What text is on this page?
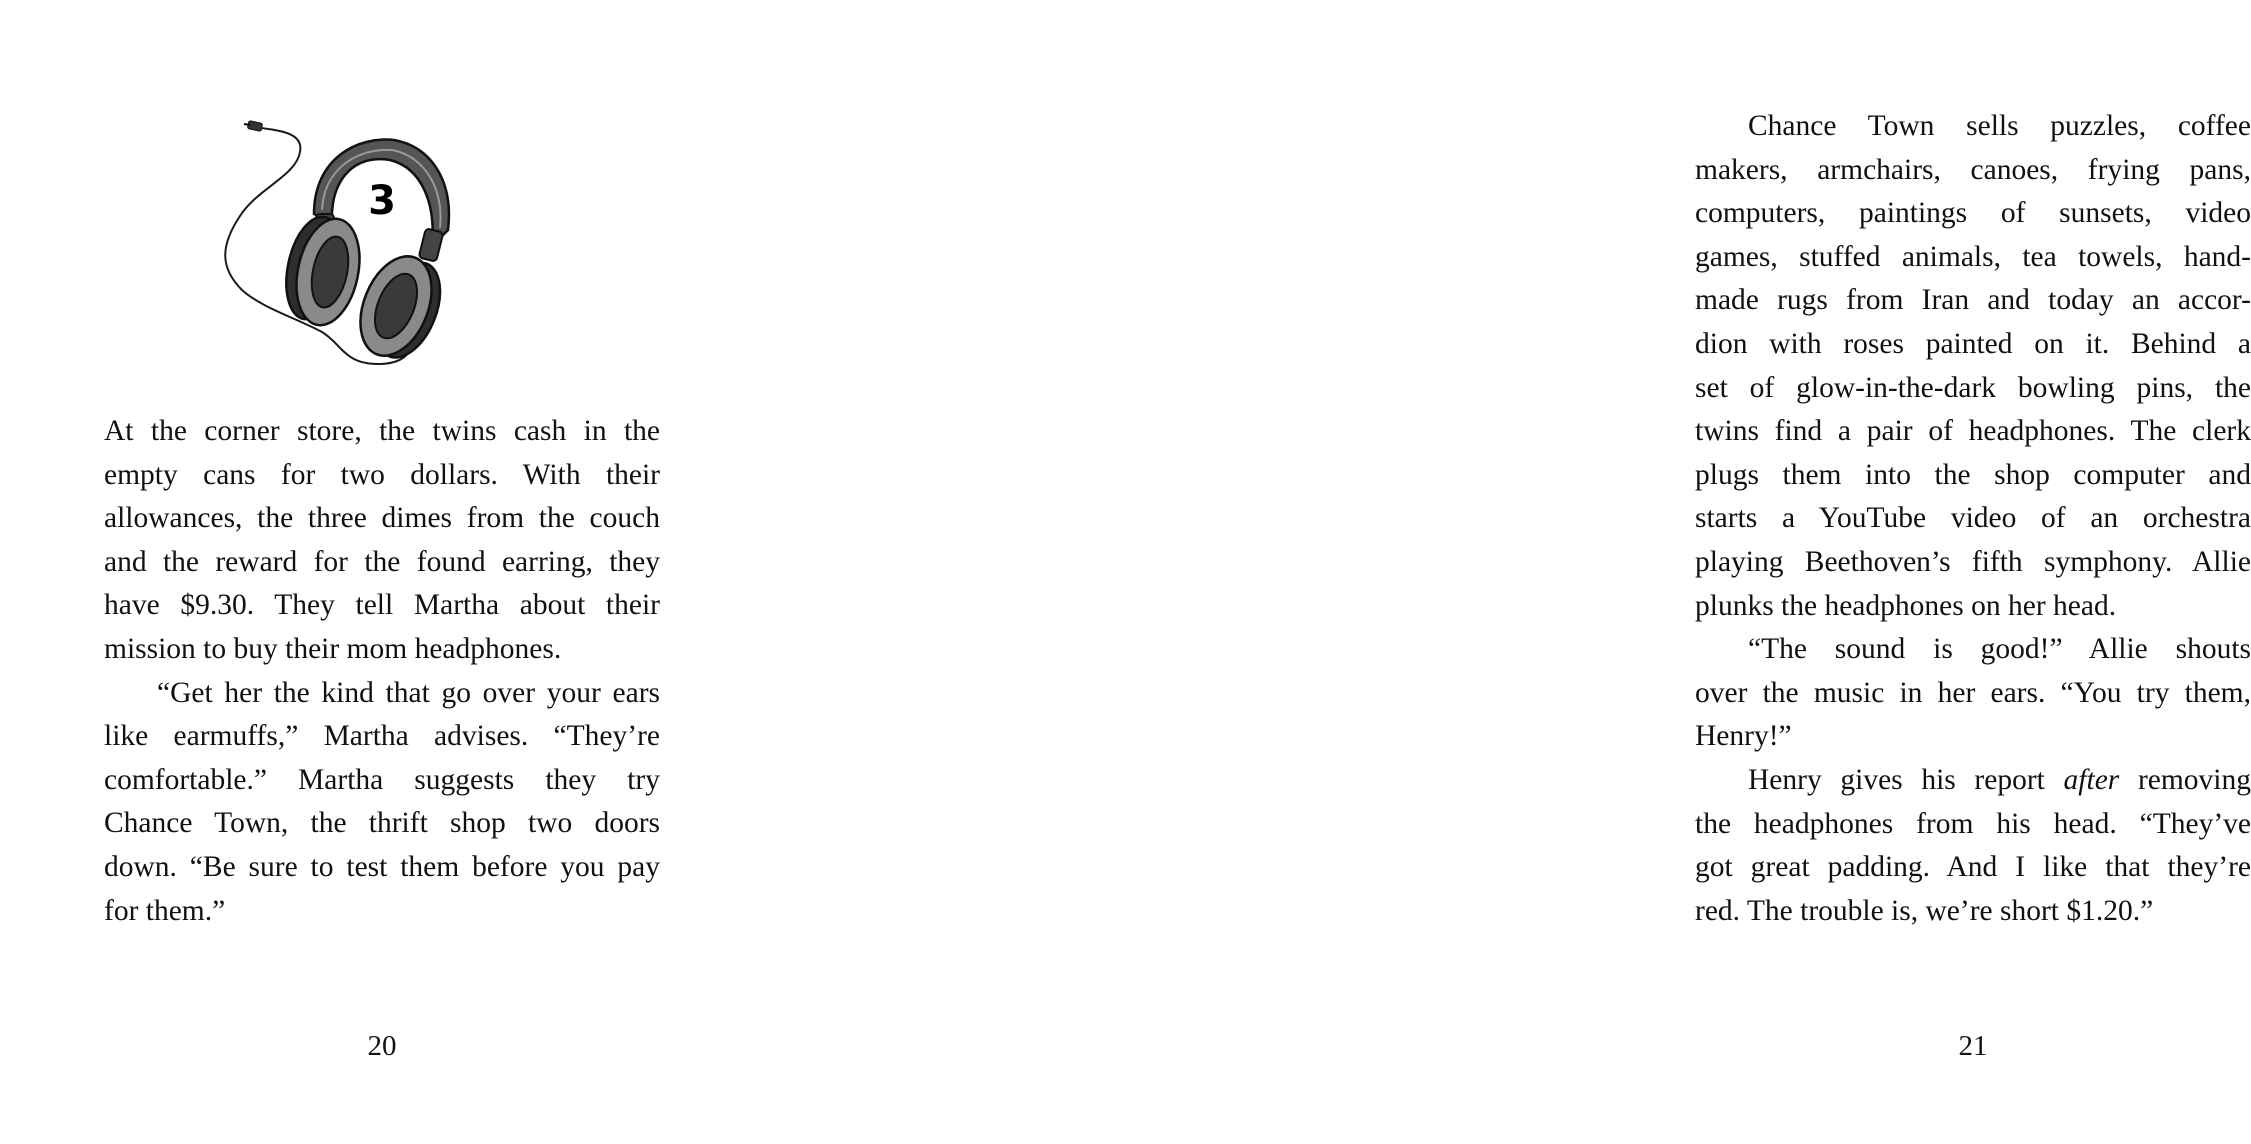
3
At the corner store, the twins cash in the
empty cans for two dollars. With their
allowances, the three dimes from the couch
and the reward for the found earring, they
have $9.30. They tell Martha about their
mission to buy their mom headphones.
“Get her the kind that go over your ears
like earmuffs,” Martha advises. “They’re
comfortable.” Martha suggests they try
Chance Town, the thrift shop two doors
down. “Be sure to test them before you pay
for them.”
20
Chance Town sells puzzles, coffee
makers, armchairs, canoes, frying pans,
computers, paintings of sunsets, video
games, stuffed animals, tea towels, hand-
made rugs from Iran and today an accor-
dion with roses painted on it. Behind a
set of glow-in-the-dark bowling pins, the
twins find a pair of headphones. The clerk
plugs them into the shop computer and
starts a YouTube video of an orchestra
playing Beethoven’s fifth symphony. Allie
plunks the headphones on her head.
“The sound is good!” Allie shouts
over the music in her ears. “You try them,
Henry!”
Henry gives his report after removing
the headphones from his head. “They’ve
got great padding. And I like that they’re
red. The trouble is, we’re short $1.20.”
21
